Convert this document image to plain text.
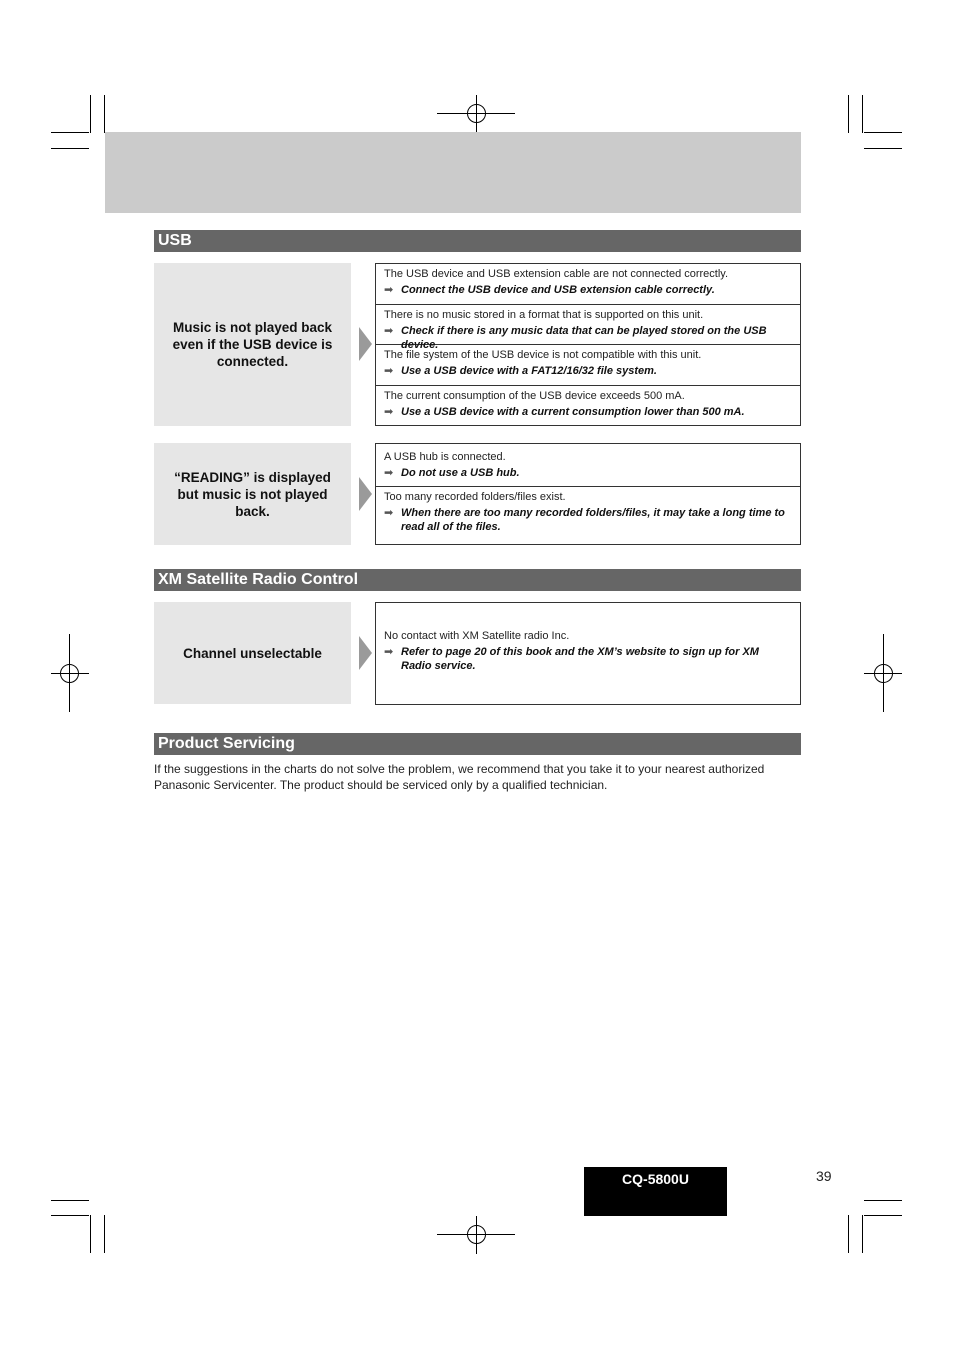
USB
Music is not played back even if the USB device is connected.
The USB device and USB extension cable are not connected correctly.
➡ Connect the USB device and USB extension cable correctly.
There is no music stored in a format that is supported on this unit.
➡ Check if there is any music data that can be played stored on the USB device.
The file system of the USB device is not compatible with this unit.
➡ Use a USB device with a FAT12/16/32 file system.
The current consumption of the USB device exceeds 500 mA.
➡ Use a USB device with a current consumption lower than 500 mA.
“READING” is displayed but music is not played back.
A USB hub is connected.
➡ Do not use a USB hub.
Too many recorded folders/files exist.
➡ When there are too many recorded folders/files, it may take a long time to read all of the files.
XM Satellite Radio Control
Channel unselectable
No contact with XM Satellite radio Inc.
➡ Refer to page 20 of this book and the XM’s website to sign up for XM Radio service.
Product Servicing
If the suggestions in the charts do not solve the problem, we recommend that you take it to your nearest authorized Panasonic Servicenter. The product should be serviced only by a qualified technician.
CQ-5800U	39
